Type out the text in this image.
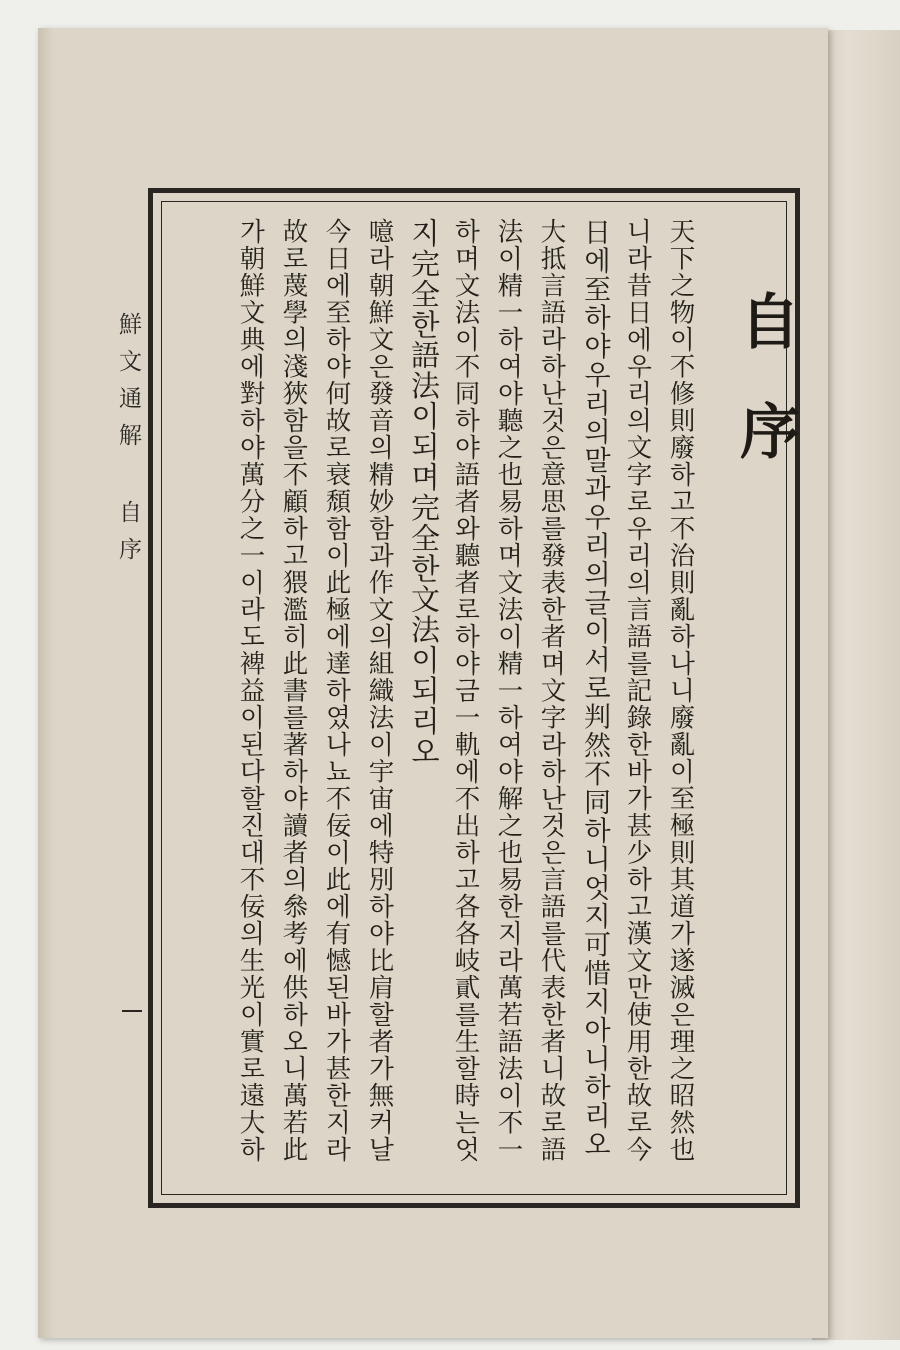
鮮文通解 自序	自序
天下之物이不修則廢하고不治則亂하나니廢亂이至極則其道가遂滅은理之昭然也
니라昔日에우리의文字로우리의言語를記錄한바가甚少하고漢文만使用한故로今
日에至하야우리의말과우리의글이서로判然不同하니엇지可惜지아니하리오
大抵言語라하난것은意思를發表한者며文字라하난것은言語를代表한者니故로語
法이精一하여야聽之也易하며文法이精一하여야解之也易한지라萬若語法이不一
하며文法이不同하야語者와聽者로하야금一軌에不出하고各各岐貳를生할時는엇
지完全한語法이되며完全한文法이되리오
噫라朝鮮文은發音의精妙함과作文의組織法이宇宙에特別하야比肩할者가無커날
今日에至하야何故로衰頹함이此極에達하였나뇨不佞이此에有憾된바가甚한지라
故로蔑學의淺狹함을不顧하고猥濫히此書를著하야讀者의叅考에供하오니萬若此
가朝鮮文典에對하야萬分之一이라도裨益이된다할진대不佞의生光이實로遠大하
